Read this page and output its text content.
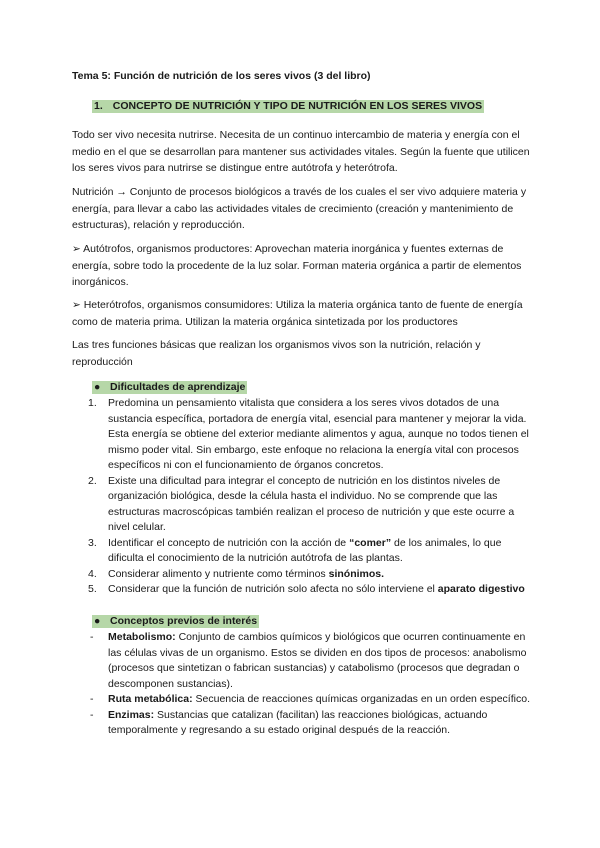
Tema 5: Función de nutrición de los seres vivos (3 del libro)
1. CONCEPTO DE NUTRICIÓN Y TIPO DE NUTRICIÓN EN LOS SERES VIVOS
Todo ser vivo necesita nutrirse. Necesita de un continuo intercambio de materia y energía con el medio en el que se desarrollan para mantener sus actividades vitales. Según la fuente que utilicen los seres vivos para nutrirse se distingue entre autótrofa y heterótrofa.
Nutrición → Conjunto de procesos biológicos a través de los cuales el ser vivo adquiere materia y energía, para llevar a cabo las actividades vitales de crecimiento (creación y mantenimiento de estructuras), relación y reproducción.
➢ Autótrofos, organismos productores: Aprovechan materia inorgánica y fuentes externas de energía, sobre todo la procedente de la luz solar. Forman materia orgánica a partir de elementos inorgánicos.
➢ Heterótrofos, organismos consumidores: Utiliza la materia orgánica tanto de fuente de energía como de materia prima. Utilizan la materia orgánica sintetizada por los productores
Las tres funciones básicas que realizan los organismos vivos son la nutrición, relación y reproducción
● Dificultades de aprendizaje
1. Predomina un pensamiento vitalista que considera a los seres vivos dotados de una sustancia específica, portadora de energía vital, esencial para mantener y mejorar la vida. Esta energía se obtiene del exterior mediante alimentos y agua, aunque no todos tienen el mismo poder vital. Sin embargo, este enfoque no relaciona la energía vital con procesos específicos ni con el funcionamiento de órganos concretos.
2. Existe una dificultad para integrar el concepto de nutrición en los distintos niveles de organización biológica, desde la célula hasta el individuo. No se comprende que las estructuras macroscópicas también realizan el proceso de nutrición y que este ocurre a nivel celular.
3. Identificar el concepto de nutrición con la acción de “comer” de los animales, lo que dificulta el conocimiento de la nutrición autótrofa de las plantas.
4. Considerar alimento y nutriente como términos sinónimos.
5. Considerar que la función de nutrición solo afecta no sólo interviene el aparato digestivo
● Conceptos previos de interés
- Metabolismo: Conjunto de cambios químicos y biológicos que ocurren continuamente en las células vivas de un organismo. Estos se dividen en dos tipos de procesos: anabolismo (procesos que sintetizan o fabrican sustancias) y catabolismo (procesos que degradan o descomponen sustancias).
- Ruta metabólica: Secuencia de reacciones químicas organizadas en un orden específico.
- Enzimas: Sustancias que catalizan (facilitan) las reacciones biológicas, actuando temporalmente y regresando a su estado original después de la reacción.
